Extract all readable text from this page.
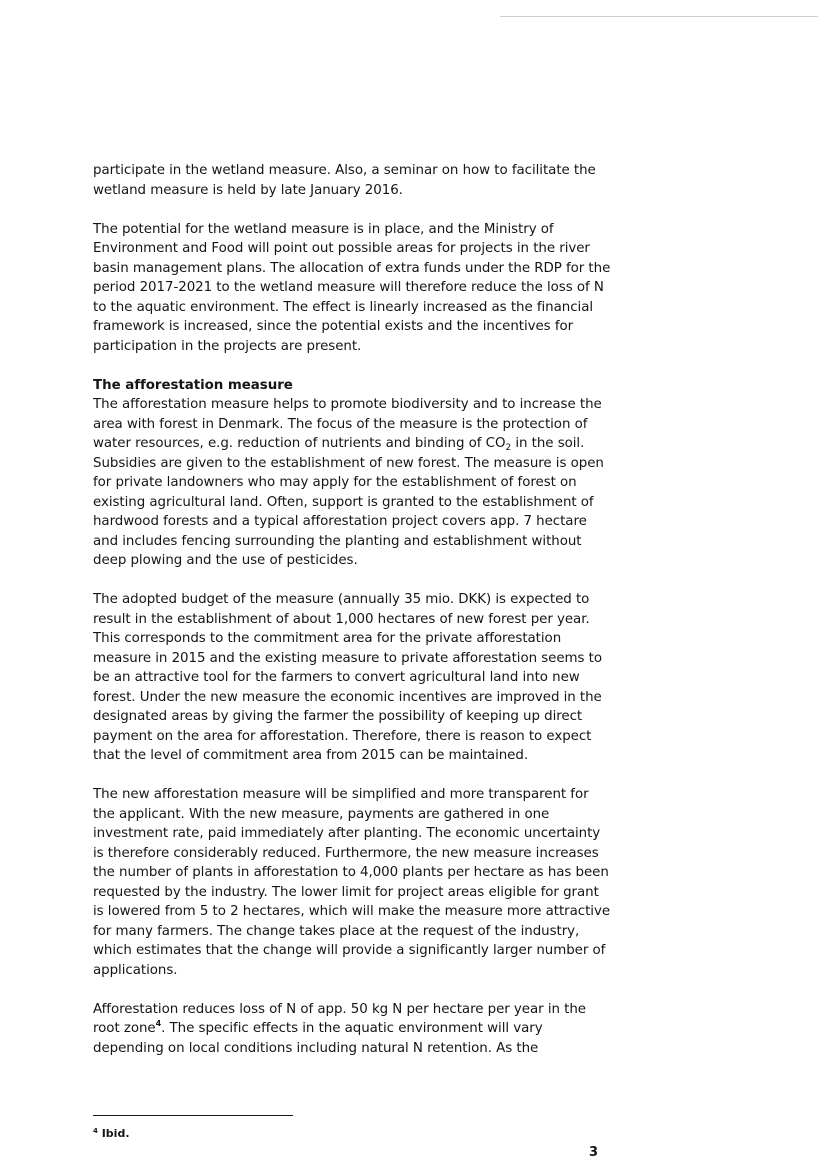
participate in the wetland measure. Also, a seminar on how to facilitate the wetland measure is held by late January 2016.

The potential for the wetland measure is in place, and the Ministry of Environment and Food will point out possible areas for projects in the river basin management plans. The allocation of extra funds under the RDP for the period 2017-2021 to the wetland measure will therefore reduce the loss of N to the aquatic environment. The effect is linearly increased as the financial framework is increased, since the potential exists and the incentives for participation in the projects are present.

The afforestation measure

The afforestation measure helps to promote biodiversity and to increase the area with forest in Denmark. The focus of the measure is the protection of water resources, e.g. reduction of nutrients and binding of $CO_2$ in the soil.

Subsidies are given to the establishment of new forest. The measure is open for private landowners who may apply for the establishment of forest on existing agricultural land. Often, support is granted to the establishment of hardwood forests and a typical afforestation project covers app. 7 hectare and includes fencing surrounding the planting and establishment without deep plowing and the use of pesticides.

The adopted budget of the measure (annually 35 mio. DKK) is expected to result in the establishment of about 1,000 hectares of new forest per year. This corresponds to the commitment area for the private afforestation measure in 2015 and the existing measure to private afforestation seems to be an attractive tool for the farmers to convert agricultural land into new forest. Under the new measure the economic incentives are improved in the designated areas by giving the farmer the possibility of keeping up direct payment on the area for afforestation. Therefore, there is reason to expect that the level of commitment area from 2015 can be maintained.

The new afforestation measure will be simplified and more transparent for the applicant. With the new measure, payments are gathered in one investment rate, paid immediately after planting. The economic uncertainty is therefore considerably reduced. Furthermore, the new measure increases the number of plants in afforestation to 4,000 plants per hectare as has been requested by the industry. The lower limit for project areas eligible for grant is lowered from 5 to 2 hectares, which will make the measure more attractive for many farmers. The change takes place at the request of the industry, which estimates that the change will provide a significantly larger number of applications.

Afforestation reduces loss of N of app. 50 kg N per hectare per year in the root zone$^4$. The specific effects in the aquatic environment will vary depending on local conditions including natural N retention. As the

$^4$ Ibid.
3
